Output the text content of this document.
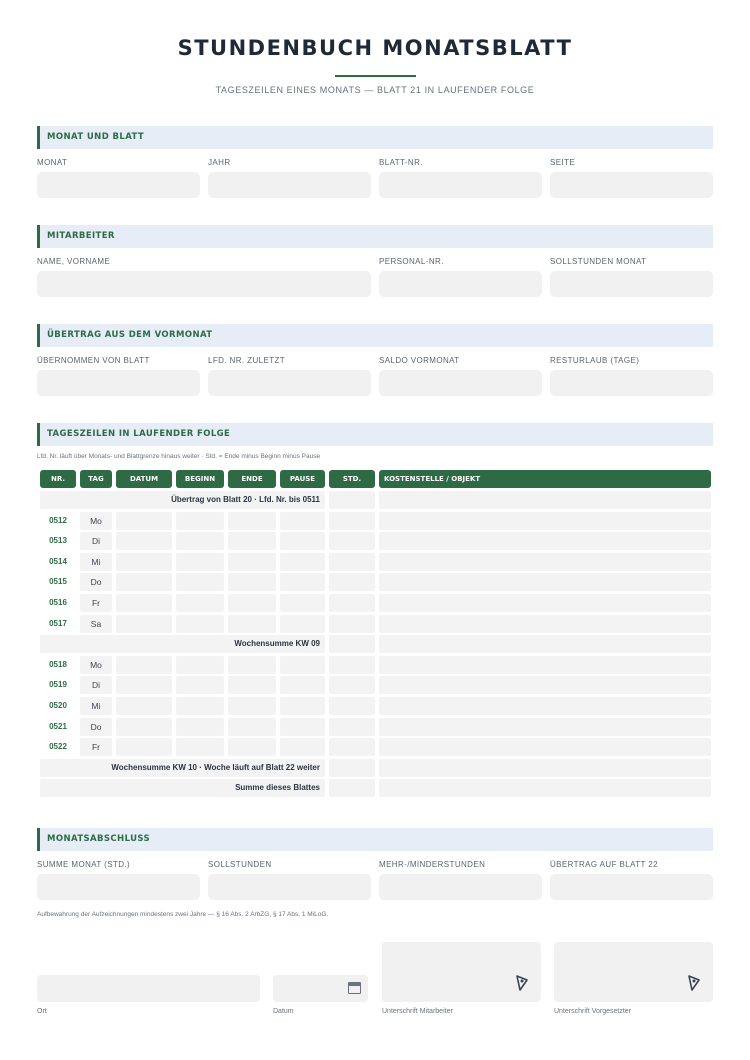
STUNDENBUCH MONATSBLATT
TAGESZEILEN EINES MONATS — BLATT 21 IN LAUFENDER FOLGE
MONAT UND BLATT
MONAT	JAHR	BLATT-NR.	SEITE
MITARBEITER
NAME, VORNAME	PERSONAL-NR.	SOLLSTUNDEN MONAT
ÜBERTRAG AUS DEM VORMONAT
ÜBERNOMMEN VON BLATT	LFD. NR. ZULETZT	SALDO VORMONAT	RESTURLAUB (TAGE)
TAGESZEILEN IN LAUFENDER FOLGE
Lfd. Nr. läuft über Monats- und Blattgrenze hinaus weiter · Std. = Ende minus Beginn minus Pause
NR.	TAG	DATUM	BEGINN	ENDE	PAUSE	STD.	KOSTENSTELLE / OBJEKT
Übertrag von Blatt 20 · Lfd. Nr. bis 0511
0512	Mo
0513	Di
0514	Mi
0515	Do
0516	Fr
0517	Sa
Wochensumme KW 09
0518	Mo
0519	Di
0520	Mi
0521	Do
0522	Fr
Wochensumme KW 10 · Woche läuft auf Blatt 22 weiter
Summe dieses Blattes
MONATSABSCHLUSS
SUMME MONAT (STD.)	SOLLSTUNDEN	MEHR-/MINDERSTUNDEN	ÜBERTRAG AUF BLATT 22
Aufbewahrung der Aufzeichnungen mindestens zwei Jahre — § 16 Abs. 2 ArbZG, § 17 Abs. 1 MiLoG.
Ort	Datum	Unterschrift Mitarbeiter	Unterschrift Vorgesetzter
